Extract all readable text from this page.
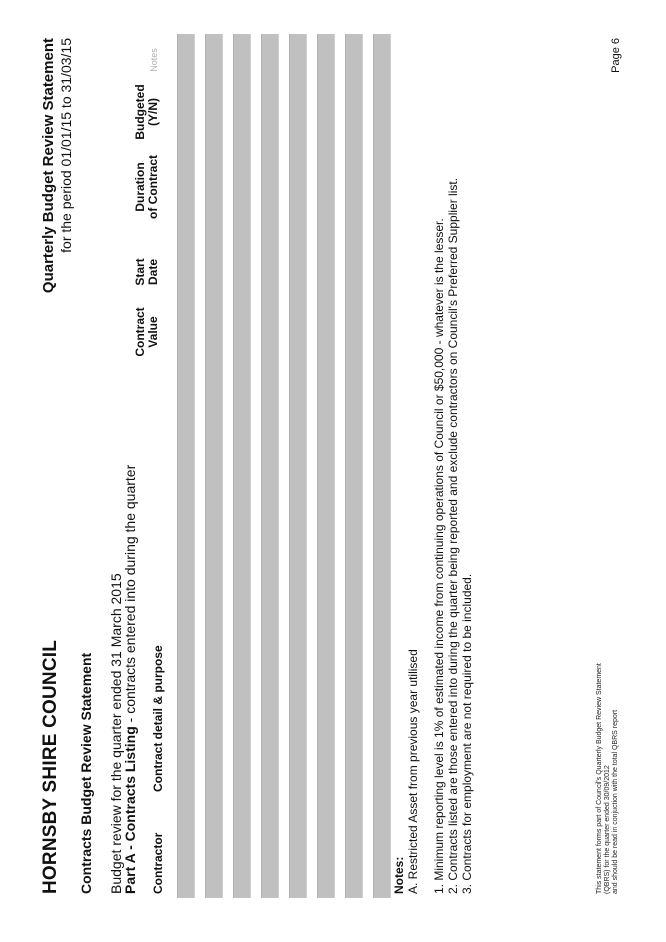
HORNSBY SHIRE COUNCIL
Quarterly Budget Review Statement for the period 01/01/15 to 31/03/15
Contracts Budget Review Statement Budget review for the quarter ended 31 March 2015
Part A - Contracts Listing - contracts entered into during the quarter
Contractor
Contract detail & purpose
Contract Value
Start Date
Duration of Contract
Budgeted (Y/N)
Notes
Notes: A. Restricted Asset from previous year utilised 1. Minimum reporting level is 1% of estimated income from continuing operations of Council or $50,000 - whatever is the lesser. 2. Contracts listed are those entered into during the quarter being reported and exclude contractors on Council's Preferred Supplier list. 3. Contracts for employment are not required to be included.	This statement forms part of Council's Quarterly Budget Review Statement (QBRS) for the quarter ended 30/09/2012 and should be read in conjuction with the total QBRS report
Page 6
